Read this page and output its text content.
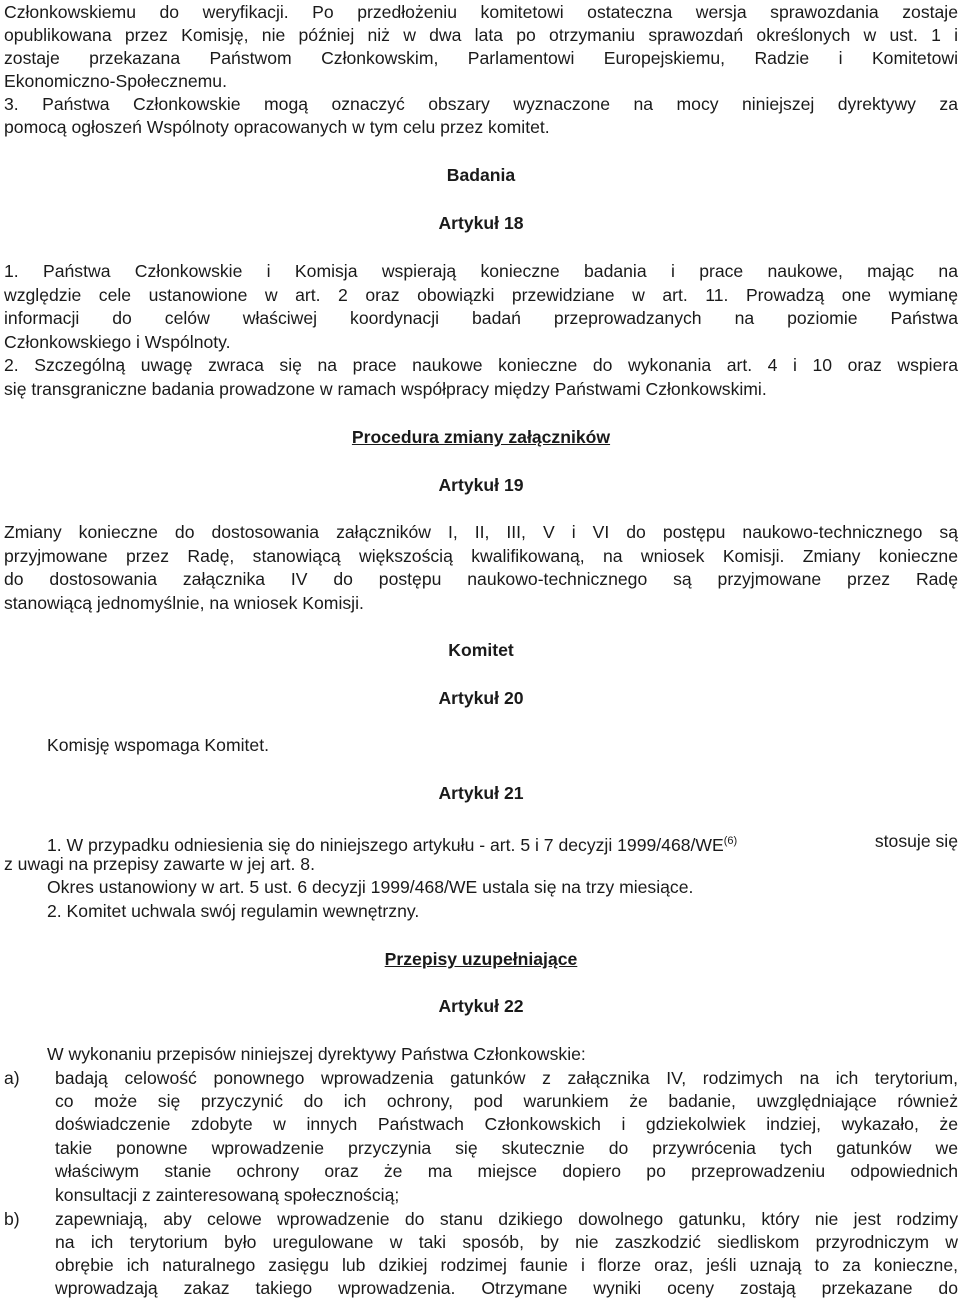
Członkowskiemu do weryfikacji. Po przedłożeniu komitetowi ostateczna wersja sprawozdania zostaje
opublikowana przez Komisję, nie później niż w dwa lata po otrzymaniu sprawozdań określonych w ust. 1 i
zostaje przekazana Państwom Członkowskim, Parlamentowi Europejskiemu, Radzie i Komitetowi
Ekonomiczno-Społecznemu.
3. Państwa Członkowskie mogą oznaczyć obszary wyznaczone na mocy niniejszej dyrektywy za
pomocą ogłoszeń Wspólnoty opracowanych w tym celu przez komitet.
Badania
Artykuł 18
1. Państwa Członkowskie i Komisja wspierają konieczne badania i prace naukowe, mając na
względzie cele ustanowione w art. 2 oraz obowiązki przewidziane w art. 11. Prowadzą one wymianę
informacji do celów właściwej koordynacji badań przeprowadzanych na poziomie Państwa
Członkowskiego i Wspólnoty.
2. Szczególną uwagę zwraca się na prace naukowe konieczne do wykonania art. 4 i 10 oraz wspiera
się transgraniczne badania prowadzone w ramach współpracy między Państwami Członkowskimi.
Procedura zmiany załączników
Artykuł 19
Zmiany konieczne do dostosowania załączników I, II, III, V i VI do postępu naukowo-technicznego są
przyjmowane przez Radę, stanowiącą większością kwalifikowaną, na wniosek Komisji. Zmiany konieczne
do dostosowania załącznika IV do postępu naukowo-technicznego są przyjmowane przez Radę
stanowiącą jednomyślnie, na wniosek Komisji.
Komitet
Artykuł 20
Komisję wspomaga Komitet.
Artykuł 21
1. W przypadku odniesienia się do niniejszego artykułu - art. 5 i 7 decyzji 1999/468/WE$^{(6)}$	stosuje się
z uwagi na przepisy zawarte w jej art. 8.
Okres ustanowiony w art. 5 ust. 6 decyzji 1999/468/WE ustala się na trzy miesiące.
2. Komitet uchwala swój regulamin wewnętrzny.
Przepisy uzupełniające
Artykuł 22
W wykonaniu przepisów niniejszej dyrektywy Państwa Członkowskie:
a) badają celowość ponownego wprowadzenia gatunków z załącznika IV, rodzimych na ich terytorium,
co może się przyczynić do ich ochrony, pod warunkiem że badanie, uwzględniające również
doświadczenie zdobyte w innych Państwach Członkowskich i gdziekolwiek indziej, wykazało, że
takie ponowne wprowadzenie przyczynia się skutecznie do przywrócenia tych gatunków we
właściwym stanie ochrony oraz że ma miejsce dopiero po przeprowadzeniu odpowiednich
konsultacji z zainteresowaną społecznością;
b) zapewniają, aby celowe wprowadzenie do stanu dzikiego dowolnego gatunku, który nie jest rodzimy
na ich terytorium było uregulowane w taki sposób, by nie zaszkodzić siedliskom przyrodniczym w
obrębie ich naturalnego zasięgu lub dzikiej rodzimej faunie i florze oraz, jeśli uznają to za konieczne,
wprowadzają zakaz takiego wprowadzenia. Otrzymane wyniki oceny zostają przekazane do
